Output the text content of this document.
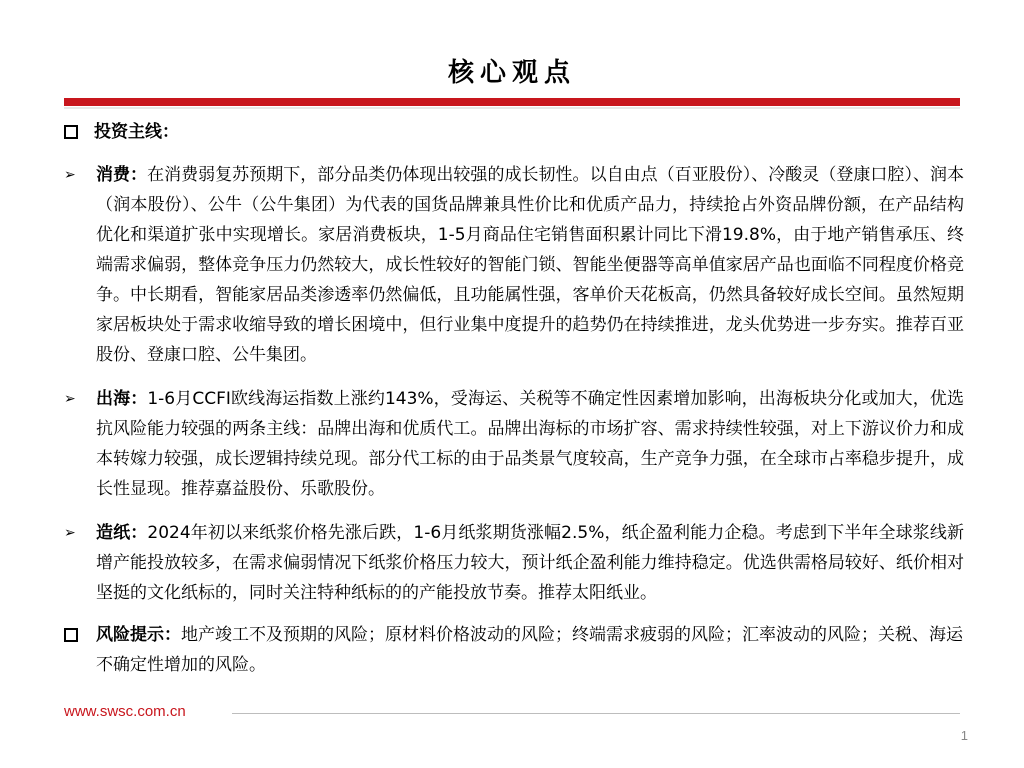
核心观点
投资主线：
➢	消费：在消费弱复苏预期下，部分品类仍体现出较强的成长韧性。以自由点（百亚股份）、冷酸灵（登康口腔）、润本（润本股份）、公牛（公牛集团）为代表的国货品牌兼具性价比和优质产品力，持续抢占外资品牌份额，在产品结构优化和渠道扩张中实现增长。家居消费板块，1-5月商品住宅销售面积累计同比下滑19.8%，由于地产销售承压、终端需求偏弱，整体竞争压力仍然较大，成长性较好的智能门锁、智能坐便器等高单值家居产品也面临不同程度价格竞争。中长期看，智能家居品类渗透率仍然偏低，且功能属性强，客单价天花板高，仍然具备较好成长空间。虽然短期家居板块处于需求收缩导致的增长困境中，但行业集中度提升的趋势仍在持续推进，龙头优势进一步夯实。推荐百亚股份、登康口腔、公牛集团。
➢	出海：1-6月CCFI欧线海运指数上涨约143%，受海运、关税等不确定性因素增加影响，出海板块分化或加大，优选抗风险能力较强的两条主线：品牌出海和优质代工。品牌出海标的市场扩容、需求持续性较强，对上下游议价力和成本转嫁力较强，成长逻辑持续兑现。部分代工标的由于品类景气度较高，生产竞争力强，在全球市占率稳步提升，成长性显现。推荐嘉益股份、乐歌股份。
➢	造纸：2024年初以来纸浆价格先涨后跌，1-6月纸浆期货涨幅2.5%，纸企盈利能力企稳。考虑到下半年全球浆线新增产能投放较多，在需求偏弱情况下纸浆价格压力较大，预计纸企盈利能力维持稳定。优选供需格局较好、纸价相对坚挺的文化纸标的，同时关注特种纸标的的产能投放节奏。推荐太阳纸业。
风险提示：地产竣工不及预期的风险；原材料价格波动的风险；终端需求疲弱的风险；汇率波动的风险；关税、海运不确定性增加的风险。
www.swsc.com.cn
1
